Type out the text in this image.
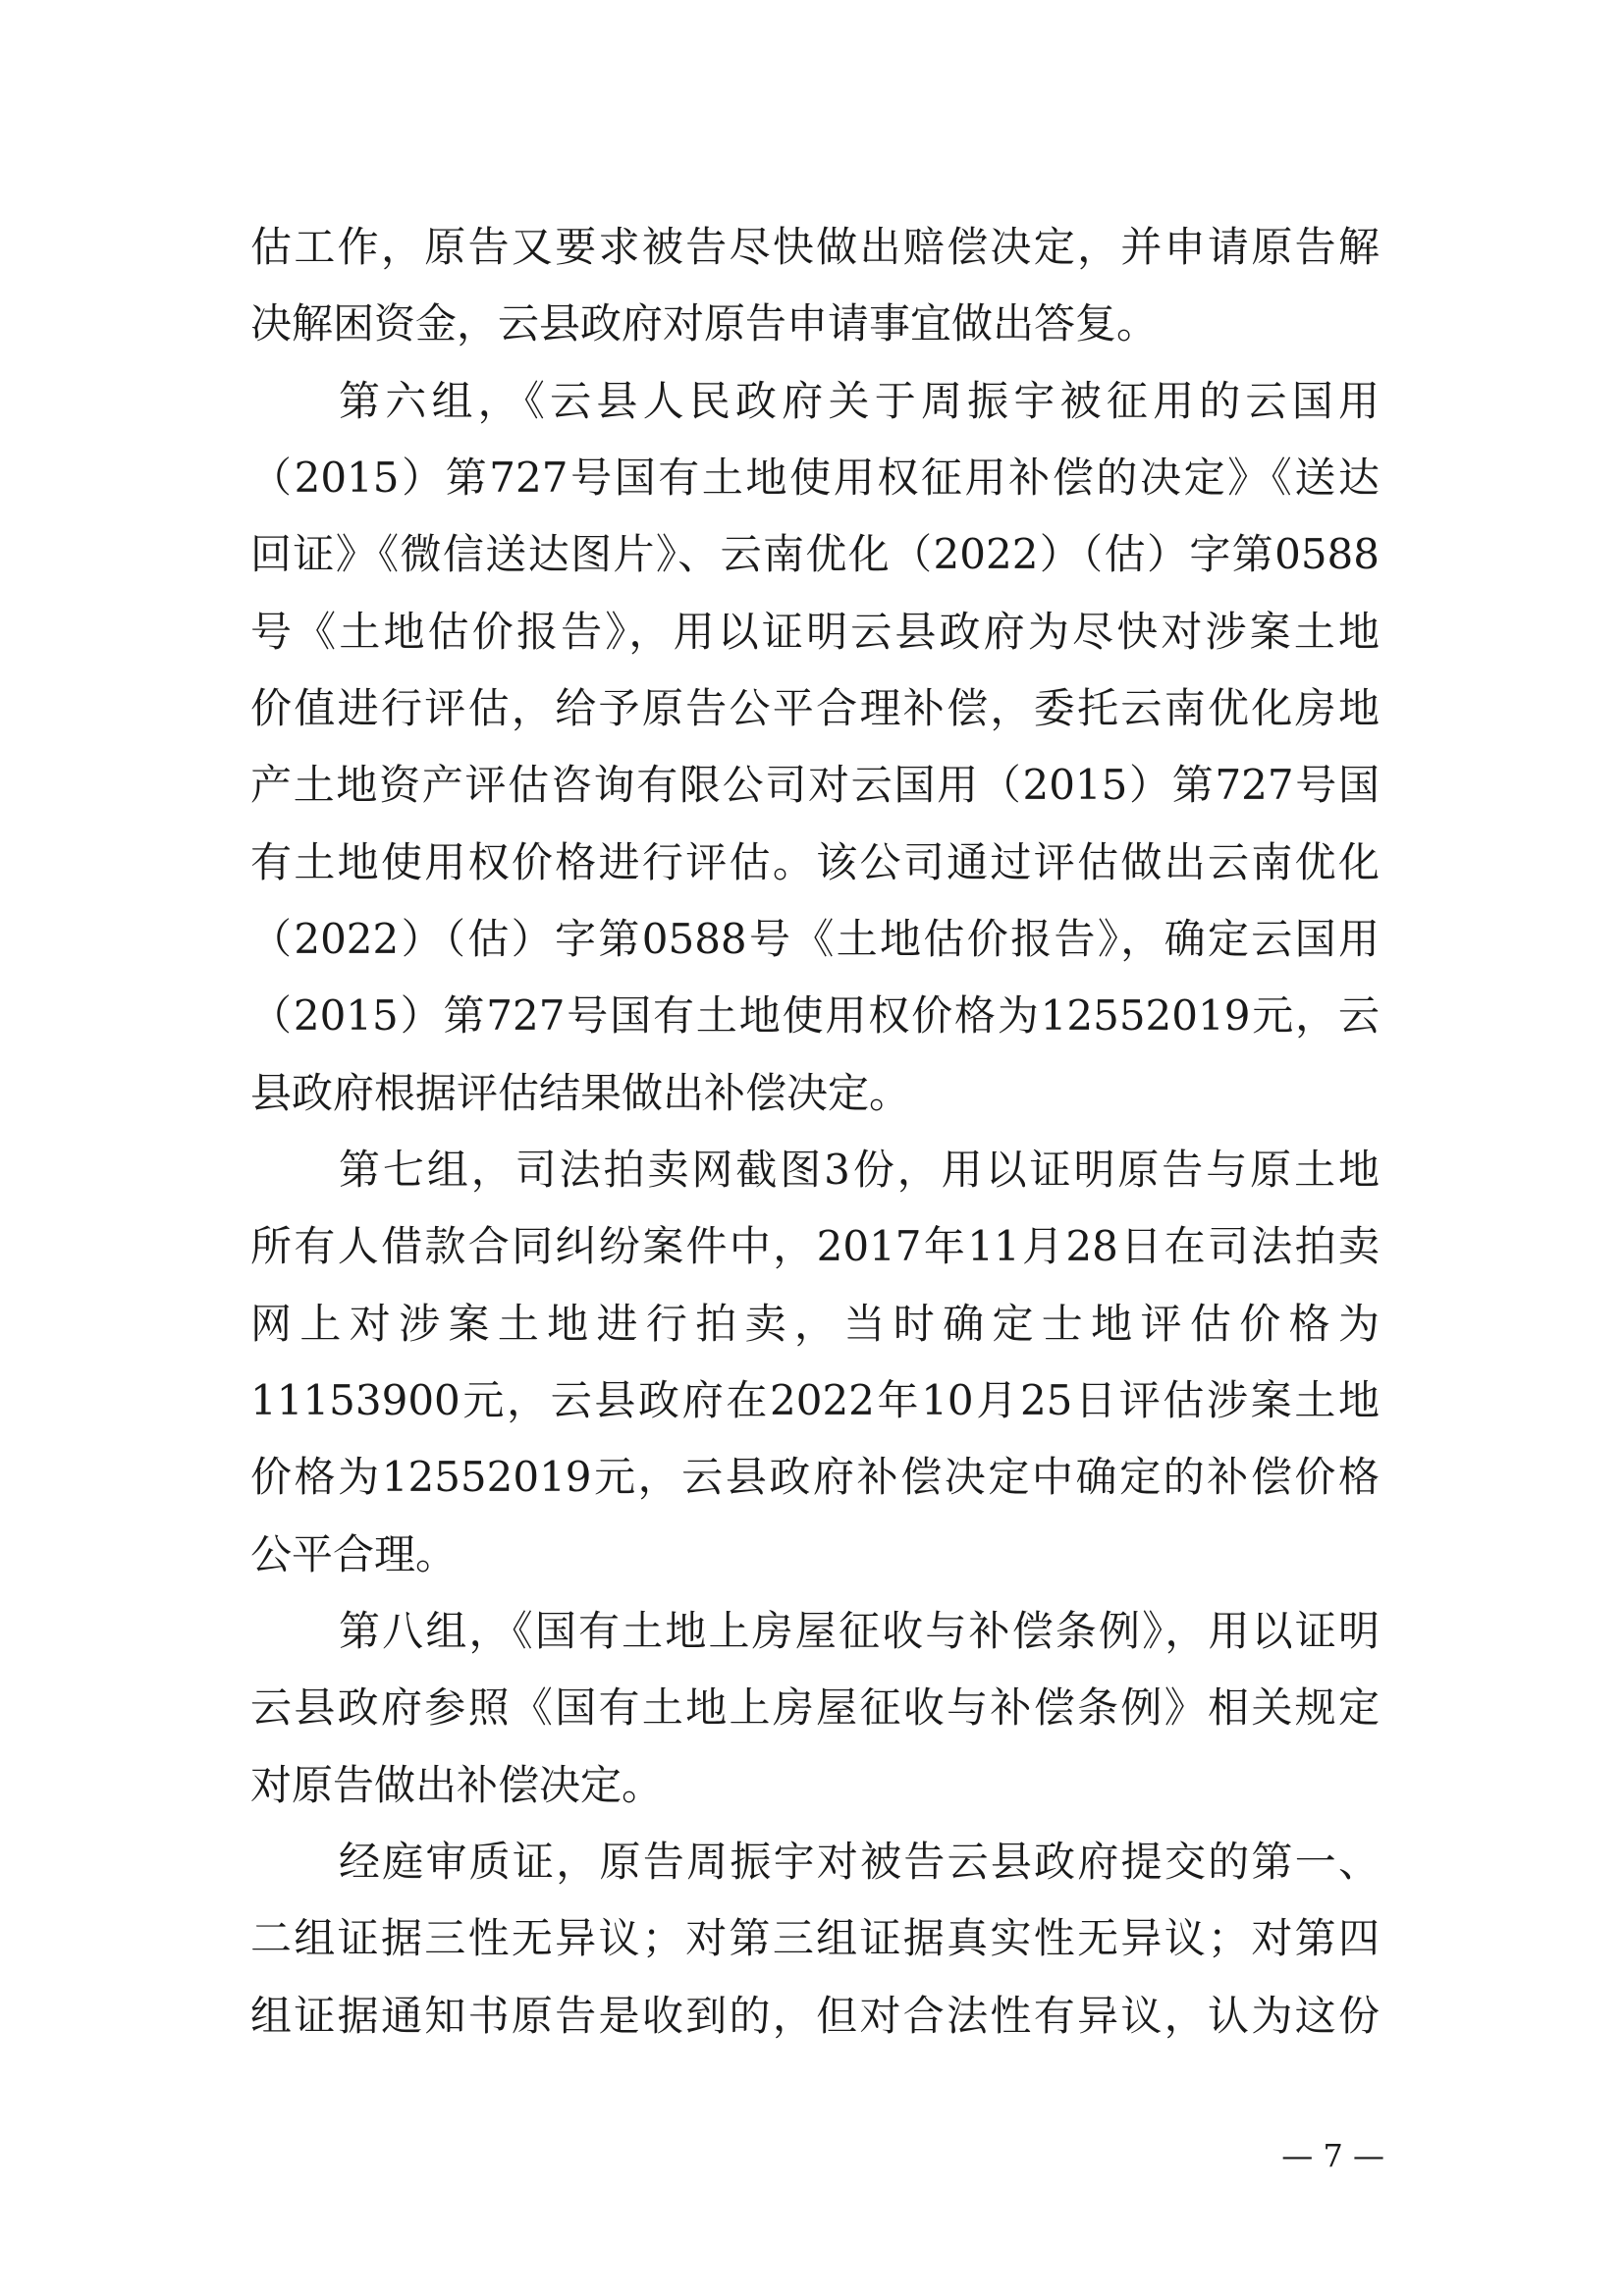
估工作，原告又要求被告尽快做出赔偿决定，并申请原告解
决解困资金，云县政府对原告申请事宜做出答复。
第六组，《云县人民政府关于周振宇被征用的云国用
（2015）第727号国有土地使用权征用补偿的决定》《送达
回证》《微信送达图片》、云南优化（2022）（估）字第0588
号《土地估价报告》，用以证明云县政府为尽快对涉案土地
价值进行评估，给予原告公平合理补偿，委托云南优化房地
产土地资产评估咨询有限公司对云国用（2015）第727号国
有土地使用权价格进行评估。该公司通过评估做出云南优化
（2022）（估）字第0588号《土地估价报告》，确定云国用
（2015）第727号国有土地使用权价格为12552019元，云
县政府根据评估结果做出补偿决定。
第七组，司法拍卖网截图3份，用以证明原告与原土地
所有人借款合同纠纷案件中，2017年11月28日在司法拍卖
网上对涉案土地进行拍卖，当时确定士地评估价格为
11153900元，云县政府在2022年10月25日评估涉案土地
价格为12552019元，云县政府补偿决定中确定的补偿价格
公平合理。
第八组，《国有土地上房屋征收与补偿条例》，用以证明
云县政府参照《国有土地上房屋征收与补偿条例》相关规定
对原告做出补偿决定。
经庭审质证，原告周振宇对被告云县政府提交的第一、
二组证据三性无异议；对第三组证据真实性无异议；对第四
组证据通知书原告是收到的，但对合法性有异议，认为这份
— 7 —
